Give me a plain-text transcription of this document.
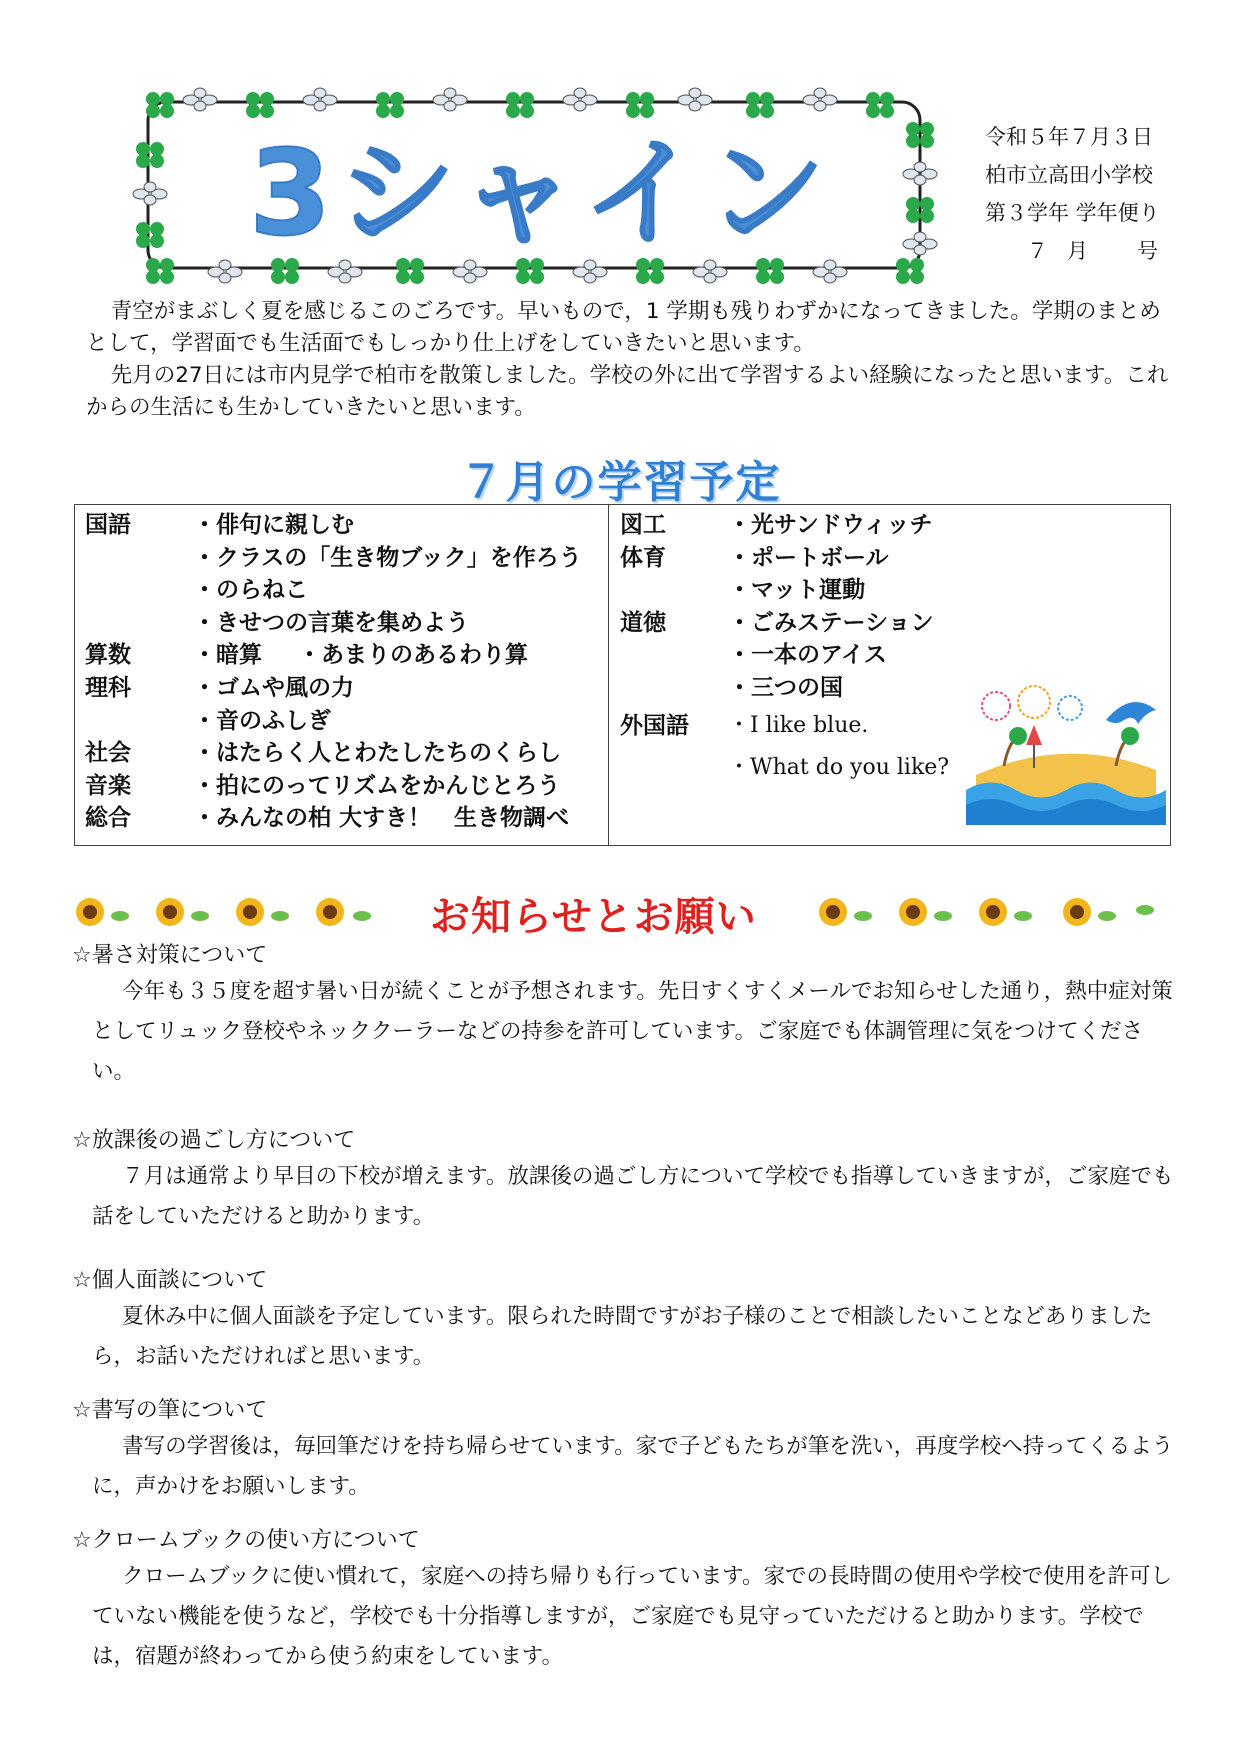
3シャイン	令和５年７月３日
柏市立高田小学校
第３学年 学年便り
７ 月 号

青空がまぶしく夏を感じるこのごろです。早いもので，1 学期も残りわずかになってきました。学期のまとめとして，学習面でも生活面でもしっかり仕上げをしていきたいと思います。

先月の27日には市内見学で柏市を散策しました。学校の外に出て学習するよい経験になったと思います。これからの生活にも生かしていきたいと思います。

７月の学習予定
国語	・俳句に親しむ
・クラスの「生き物ブック」を作ろう
・のらねこ
・きせつの言葉を集めよう
算数	・暗算 ・あまりのあるわり算
理科	・ゴムや風の力
・音のふしぎ
社会	・はたらく人とわたしたちのくらし
音楽	・拍にのってリズムをかんじとろう
総合	・みんなの柏 大すき！　生き物調べ
図工	・光サンドウィッチ
体育	・ポートボール
・マット運動
道徳	・ごみステーション
・一本のアイス
・三つの国
外国語	・I like blue.
・What do you like?
お知らせとお願い
☆暑さ対策について

今年も３５度を超す暑い日が続くことが予想されます。先日すくすくメールでお知らせした通り，熱中症対策としてリュック登校やネッククーラーなどの持参を許可しています。ご家庭でも体調管理に気をつけてください。

☆放課後の過ごし方について

７月は通常より早目の下校が増えます。放課後の過ごし方について学校でも指導していきますが，ご家庭でも話をしていただけると助かります。

☆個人面談について

夏休み中に個人面談を予定しています。限られた時間ですがお子様のことで相談したいことなどありましたら，お話いただければと思います。

☆書写の筆について

書写の学習後は，毎回筆だけを持ち帰らせています。家で子どもたちが筆を洗い，再度学校へ持ってくるように，声かけをお願いします。

☆クロームブックの使い方について

クロームブックに使い慣れて，家庭への持ち帰りも行っています。家での長時間の使用や学校で使用を許可していない機能を使うなど，学校でも十分指導しますが，ご家庭でも見守っていただけると助かります。学校では，宿題が終わってから使う約束をしています。
